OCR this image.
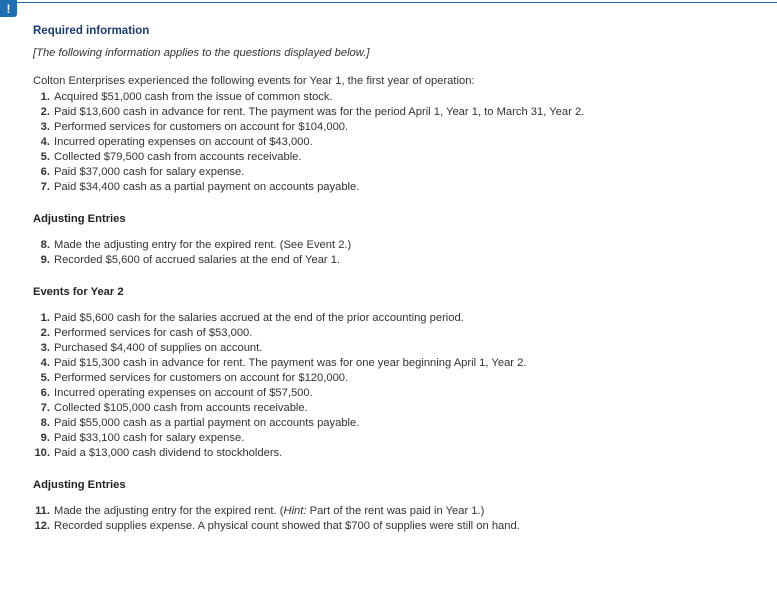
!
Required information
[The following information applies to the questions displayed below.]
Colton Enterprises experienced the following events for Year 1, the first year of operation:
1. Acquired $51,000 cash from the issue of common stock.
2. Paid $13,600 cash in advance for rent. The payment was for the period April 1, Year 1, to March 31, Year 2.
3. Performed services for customers on account for $104,000.
4. Incurred operating expenses on account of $43,000.
5. Collected $79,500 cash from accounts receivable.
6. Paid $37,000 cash for salary expense.
7. Paid $34,400 cash as a partial payment on accounts payable.
Adjusting Entries
8. Made the adjusting entry for the expired rent. (See Event 2.)
9. Recorded $5,600 of accrued salaries at the end of Year 1.
Events for Year 2
1. Paid $5,600 cash for the salaries accrued at the end of the prior accounting period.
2. Performed services for cash of $53,000.
3. Purchased $4,400 of supplies on account.
4. Paid $15,300 cash in advance for rent. The payment was for one year beginning April 1, Year 2.
5. Performed services for customers on account for $120,000.
6. Incurred operating expenses on account of $57,500.
7. Collected $105,000 cash from accounts receivable.
8. Paid $55,000 cash as a partial payment on accounts payable.
9. Paid $33,100 cash for salary expense.
10. Paid a $13,000 cash dividend to stockholders.
Adjusting Entries
11. Made the adjusting entry for the expired rent. ( Hint: Part of the rent was paid in Year 1.)
12. Recorded supplies expense. A physical count showed that $700 of supplies were still on hand.
